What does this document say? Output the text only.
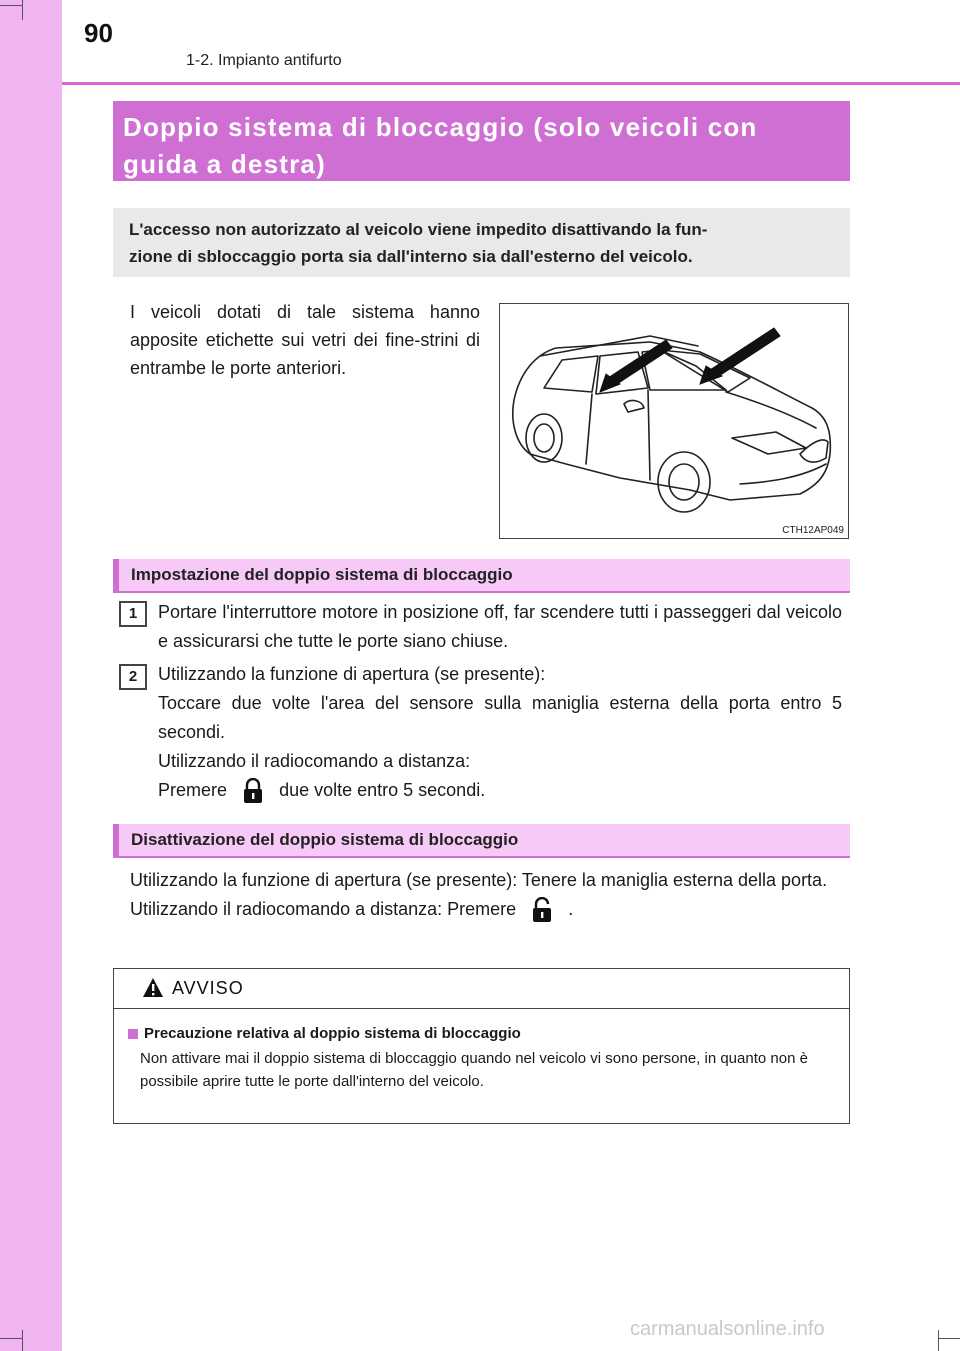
90
1-2. Impianto antifurto
Doppio sistema di bloccaggio (solo veicoli con
guida a destra)
L'accesso non autorizzato al veicolo viene impedito disattivando la fun-
zione di sbloccaggio porta sia dall'interno sia dall'esterno del veicolo.
I veicoli dotati di tale sistema hanno apposite etichette sui vetri dei fine-strini di entrambe le porte anteriori.
CTH12AP049
Impostazione del doppio sistema di bloccaggio
1	Portare l'interruttore motore in posizione off, far scendere tutti i passeggeri dal veicolo e assicurarsi che tutte le porte siano chiuse.
2	Utilizzando la funzione di apertura (se presente):
Toccare due volte l'area del sensore sulla maniglia esterna della porta entro 5 secondi.
Utilizzando il radiocomando a distanza:
Premere	due volte entro 5 secondi.
Disattivazione del doppio sistema di bloccaggio
Utilizzando la funzione di apertura (se presente): Tenere la maniglia esterna della porta.
Utilizzando il radiocomando a distanza: Premere	.
AVVISO
Precauzione relativa al doppio sistema di bloccaggio
Non attivare mai il doppio sistema di bloccaggio quando nel veicolo vi sono persone, in quanto non è possibile aprire tutte le porte dall'interno del veicolo.
carmanualsonline.info
